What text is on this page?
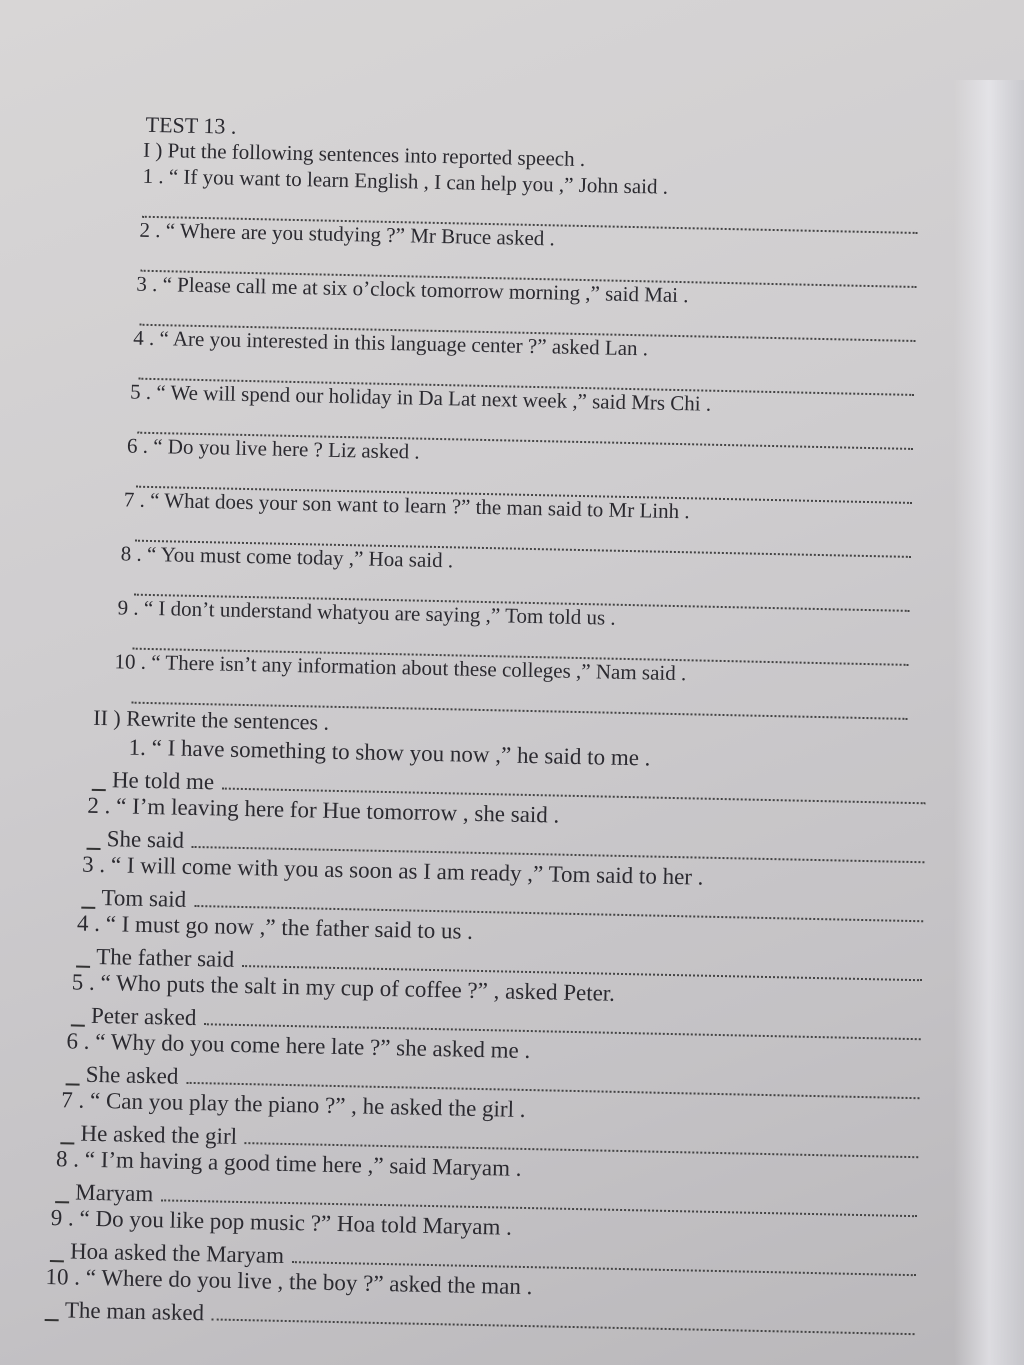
TEST 13 .
I ) Put the following sentences into reported speech .
1 . “ If you want to learn English , I can help you ,” John said .
2 . “ Where are you studying ?” Mr Bruce asked .
3 . “ Please call me at six o’clock tomorrow morning ,” said Mai .
4 . “ Are you interested in this language center ?” asked Lan .
5 . “ We will spend our holiday in Da Lat next week ,” said Mrs Chi .
6 . “ Do you live here ? Liz asked .
7 . “ What does your son want to learn ?” the man said to Mr Linh .
8 . “ You must come today ,” Hoa said .
9 . “ I don’t understand whatyou are saying ,” Tom told us .
10 . “ There isn’t any information about these colleges ,” Nam said .
II ) Rewrite the sentences .
1. “ I have something to show you now ,” he said to me .
He told me
2 . “ I’m leaving here for Hue tomorrow , she said .
She said
3 . “ I will come with you as soon as I am ready ,” Tom said to her .
Tom said
4 . “ I must go now ,” the father said to us .
The father said
5 . “ Who puts the salt in my cup of coffee ?” , asked Peter.
Peter asked
6 . “ Why do you come here late ?” she asked me .
She asked
7 . “ Can you play the piano ?” , he asked the girl .
He asked the girl
8 . “ I’m having a good time here ,” said Maryam .
Maryam
9 . “ Do you like pop music ?” Hoa told Maryam .
Hoa asked the Maryam
10 . “ Where do you live , the boy ?” asked the man .
The man asked
